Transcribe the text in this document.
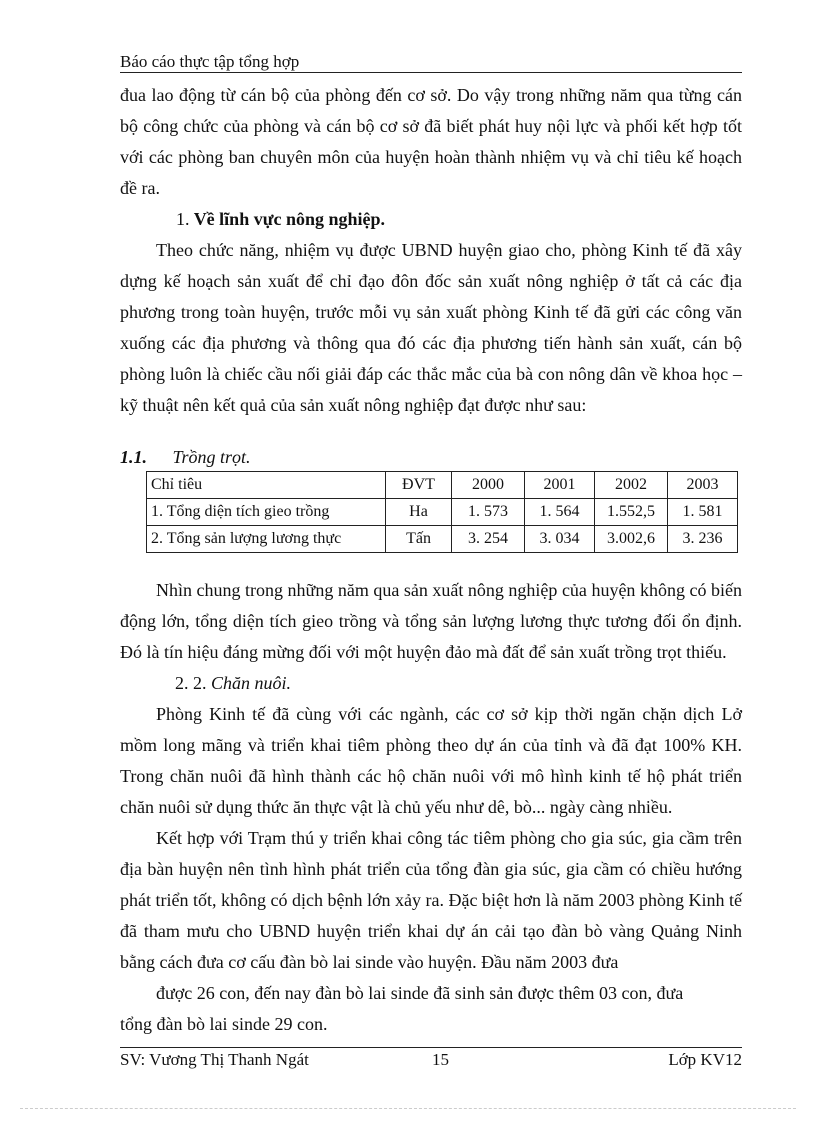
Báo cáo thực tập tổng hợp

đua lao động từ cán bộ của phòng đến cơ sở. Do vậy trong những năm qua từng cán bộ công chức của phòng và cán bộ cơ sở đã biết phát huy nội lực và phối kết hợp tốt với các phòng ban chuyên môn của huyện hoàn thành nhiệm vụ và chỉ tiêu kế hoạch đề ra.

1. Về lĩnh vực nông nghiệp.

Theo chức năng, nhiệm vụ được UBND huyện giao cho, phòng Kinh tế đã xây dựng kế hoạch sản xuất để chỉ đạo đôn đốc sản xuất nông nghiệp ở tất cả các địa phương trong toàn huyện, trước mỗi vụ sản xuất phòng Kinh tế đã gửi các công văn xuống các địa phương và thông qua đó các địa phương tiến hành sản xuất, cán bộ phòng luôn là chiếc cầu nối giải đáp các thắc mắc của bà con nông dân về khoa học – kỹ thuật nên kết quả của sản xuất nông nghiệp đạt được như sau:

1.1. Trồng trọt.
Chỉ tiêu	ĐVT	2000	2001	2002	2003
1. Tổng diện tích gieo trồng	Ha	1. 573	1. 564	1.552,5	1. 581
2. Tổng sản lượng lương thực	Tấn	3. 254	3. 034	3.002,6	3. 236

Nhìn chung trong những năm qua sản xuất nông nghiệp của huyện không có biến động lớn, tổng diện tích gieo trồng và tổng sản lượng lương thực tương đối ổn định. Đó là tín hiệu đáng mừng đối với một huyện đảo mà đất để sản xuất trồng trọt thiếu.

2. 2. Chăn nuôi.

Phòng Kinh tế đã cùng với các ngành, các cơ sở kịp thời ngăn chặn dịch Lở mồm long mãng và triển khai tiêm phòng theo dự án của tỉnh và đã đạt 100% KH. Trong chăn nuôi đã hình thành các hộ chăn nuôi với mô hình kinh tế hộ phát triển chăn nuôi sử dụng thức ăn thực vật là chủ yếu như dê, bò... ngày càng nhiều.

Kết hợp với Trạm thú y triển khai công tác tiêm phòng cho gia súc, gia cầm trên địa bàn huyện nên tình hình phát triển của tổng đàn gia súc, gia cầm có chiều hướng phát triển tốt, không có dịch bệnh lớn xảy ra. Đặc biệt hơn là năm 2003 phòng Kinh tế đã tham mưu cho UBND huyện triển khai dự án cải tạo đàn bò vàng Quảng Ninh bằng cách đưa cơ cấu đàn bò lai sinde vào huyện. Đầu năm 2003 đưa

được 26 con, đến nay đàn bò lai sinde đã sinh sản được thêm 03 con, đưa

tổng đàn bò lai sinde 29 con.

SV: Vương Thị Thanh Ngát	15	Lớp KV12
